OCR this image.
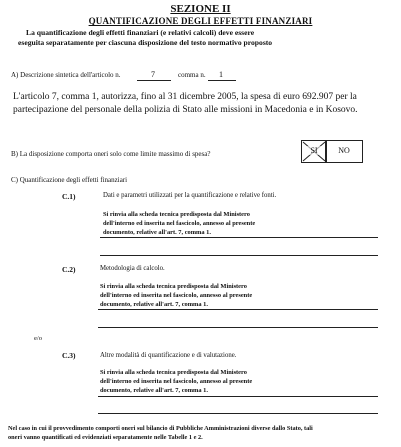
SEZIONE II
QUANTIFICAZIONE DEGLI EFFETTI FINANZIARI
La quantificazione degli effetti finanziari (e relativi calcoli) deve essere
eseguita separatamente per ciascuna disposizione del testo normativo proposto
A) Descrizione sintetica dell'articolo n.	7	comma n. 1
L'articolo 7, comma 1, autorizza, fino al 31 dicembre 2005, la spesa di euro 692.907 per la
partecipazione del personale della polizia di Stato alle missioni in Macedonia e in Kosovo.
B) La disposizione comporta oneri solo come limite massimo di spesa?	SI	NO
C) Quantificazione degli effetti finanziari
C.1)	Dati e parametri utilizzati per la quantificazione e relative fonti.
Si rinvia alla scheda tecnica predisposta dal Ministero
dell'interno ed inserita nel fascicolo, annesso al presente
documento, relative all'art. 7, comma 1.
C.2)	Metodologia di calcolo.
Si rinvia alla scheda tecnica predisposta dal Ministero
dell'interno ed inserita nel fascicolo, annesso al presente
documento, relative all'art. 7, comma 1.
e/o
C.3)	Altre modalità di quantificazione e di valutazione.
Si rinvia alla scheda tecnica predisposta dal Ministero
dell'interno ed inserita nel fascicolo, annesso al presente
documento, relative all'art. 7, comma 1.
Nel caso in cui il provvedimento comporti oneri sul bilancio di Pubbliche Amministrazioni diverse dallo Stato, tali
oneri vanno quantificati ed evidenziati separatamente nelle Tabelle 1 e 2.
